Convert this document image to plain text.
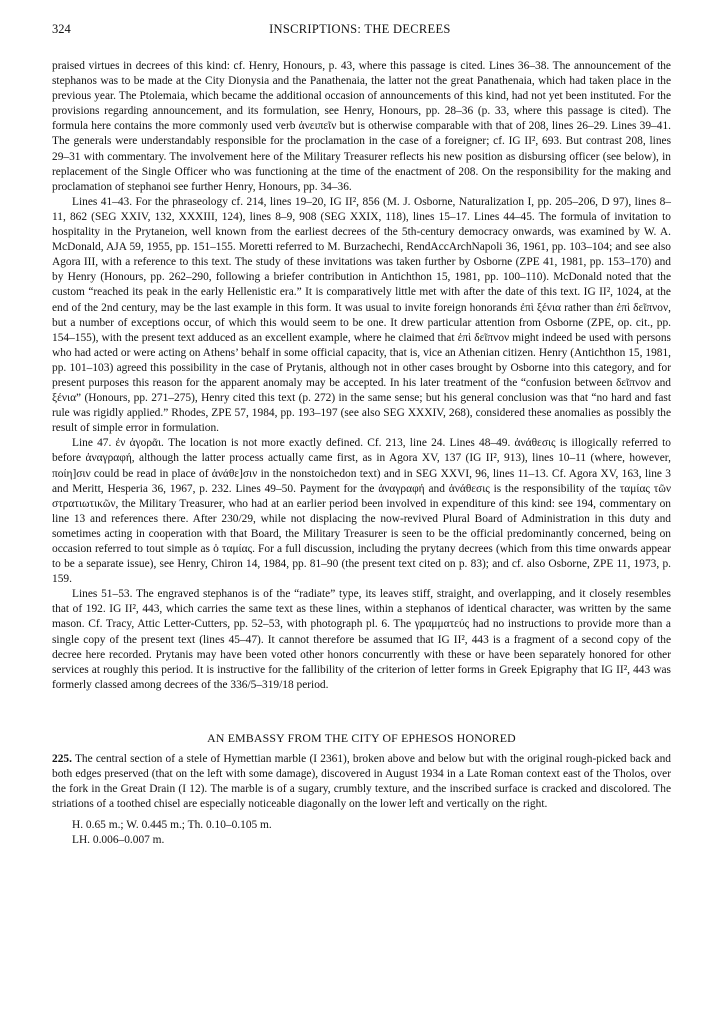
324	INSCRIPTIONS: THE DECREES

praised virtues in decrees of this kind: cf. Henry, Honours, p. 43, where this passage is cited. Lines 36–38. The announcement of the stephanos was to be made at the City Dionysia and the Panathenaia, the latter not the great Panathenaia, which had taken place in the previous year. The Ptolemaia, which became the additional occasion of announcements of this kind, had not yet been instituted. For the provisions regarding announcement, and its formulation, see Henry, Honours, pp. 28–36 (p. 33, where this passage is cited). The formula here contains the more commonly used verb ἀνειπεῖν but is otherwise comparable with that of 208, lines 26–29. Lines 39–41. The generals were understandably responsible for the proclamation in the case of a foreigner; cf. IG II², 693. But contrast 208, lines 29–31 with commentary. The involvement here of the Military Treasurer reflects his new position as disbursing officer (see below), in replacement of the Single Officer who was functioning at the time of the enactment of 208. On the responsibility for the making and proclamation of stephanoi see further Henry, Honours, pp. 34–36.

Lines 41–43. For the phraseology cf. 214, lines 19–20, IG II², 856 (M. J. Osborne, Naturalization I, pp. 205–206, D 97), lines 8–11, 862 (SEG XXIV, 132, XXXIII, 124), lines 8–9, 908 (SEG XXIX, 118), lines 15–17. Lines 44–45. The formula of invitation to hospitality in the Prytaneion, well known from the earliest decrees of the 5th-century democracy onwards, was examined by W. A. McDonald, AJA 59, 1955, pp. 151–155. Moretti referred to M. Burzachechi, RendAccArchNapoli 36, 1961, pp. 103–104; and see also Agora III, with a reference to this text. The study of these invitations was taken further by Osborne (ZPE 41, 1981, pp. 153–170) and by Henry (Honours, pp. 262–290, following a briefer contribution in Antichthon 15, 1981, pp. 100–110). McDonald noted that the custom “reached its peak in the early Hellenistic era.” It is comparatively little met with after the date of this text. IG II², 1024, at the end of the 2nd century, may be the last example in this form. It was usual to invite foreign honorands ἐπὶ ξένια rather than ἐπὶ δεῖπνον, but a number of exceptions occur, of which this would seem to be one. It drew particular attention from Osborne (ZPE, op. cit., pp. 154–155), with the present text adduced as an excellent example, where he claimed that ἐπὶ δεῖπνον might indeed be used with persons who had acted or were acting on Athens’ behalf in some official capacity, that is, vice an Athenian citizen. Henry (Antichthon 15, 1981, pp. 101–103) agreed this possibility in the case of Prytanis, although not in other cases brought by Osborne into this category, and for present purposes this reason for the apparent anomaly may be accepted. In his later treatment of the “confusion between δεῖπνον and ξένια” (Honours, pp. 271–275), Henry cited this text (p. 272) in the same sense; but his general conclusion was that “no hard and fast rule was rigidly applied.” Rhodes, ZPE 57, 1984, pp. 193–197 (see also SEG XXXIV, 268), considered these anomalies as possibly the result of simple error in formulation.

Line 47. ἐν ἀγορᾶι. The location is not more exactly defined. Cf. 213, line 24. Lines 48–49. ἀνάθεσις is illogically referred to before ἀναγραφή, although the latter process actually came first, as in Agora XV, 137 (IG II², 913), lines 10–11 (where, however, ποίη]σιν could be read in place of ἀνάθε]σιν in the nonstoichedon text) and in SEG XXVI, 96, lines 11–13. Cf. Agora XV, 163, line 3 and Meritt, Hesperia 36, 1967, p. 232. Lines 49–50. Payment for the ἀναγραφή and ἀνάθεσις is the responsibility of the ταμίας τῶν στρατιωτικῶν, the Military Treasurer, who had at an earlier period been involved in expenditure of this kind: see 194, commentary on line 13 and references there. After 230/29, while not displacing the now-revived Plural Board of Administration in this duty and sometimes acting in cooperation with that Board, the Military Treasurer is seen to be the official predominantly concerned, being on occasion referred to tout simple as ὁ ταμίας. For a full discussion, including the prytany decrees (which from this time onwards appear to be a separate issue), see Henry, Chiron 14, 1984, pp. 81–90 (the present text cited on p. 83); and cf. also Osborne, ZPE 11, 1973, p. 159.

Lines 51–53. The engraved stephanos is of the “radiate” type, its leaves stiff, straight, and overlapping, and it closely resembles that of 192. IG II², 443, which carries the same text as these lines, within a stephanos of identical character, was written by the same mason. Cf. Tracy, Attic Letter-Cutters, pp. 52–53, with photograph pl. 6. The γραμματεύς had no instructions to provide more than a single copy of the present text (lines 45–47). It cannot therefore be assumed that IG II², 443 is a fragment of a second copy of the decree here recorded. Prytanis may have been voted other honors concurrently with these or have been separately honored for other services at roughly this period. It is instructive for the fallibility of the criterion of letter forms in Greek Epigraphy that IG II², 443 was formerly classed among decrees of the 336/5–319/18 period.

AN EMBASSY FROM THE CITY OF EPHESOS HONORED

225. The central section of a stele of Hymettian marble (I 2361), broken above and below but with the original rough-picked back and both edges preserved (that on the left with some damage), discovered in August 1934 in a Late Roman context east of the Tholos, over the fork in the Great Drain (I 12). The marble is of a sugary, crumbly texture, and the inscribed surface is cracked and discolored. The striations of a toothed chisel are especially noticeable diagonally on the lower left and vertically on the right.

H. 0.65 m.; W. 0.445 m.; Th. 0.10–0.105 m.
LH. 0.006–0.007 m.
